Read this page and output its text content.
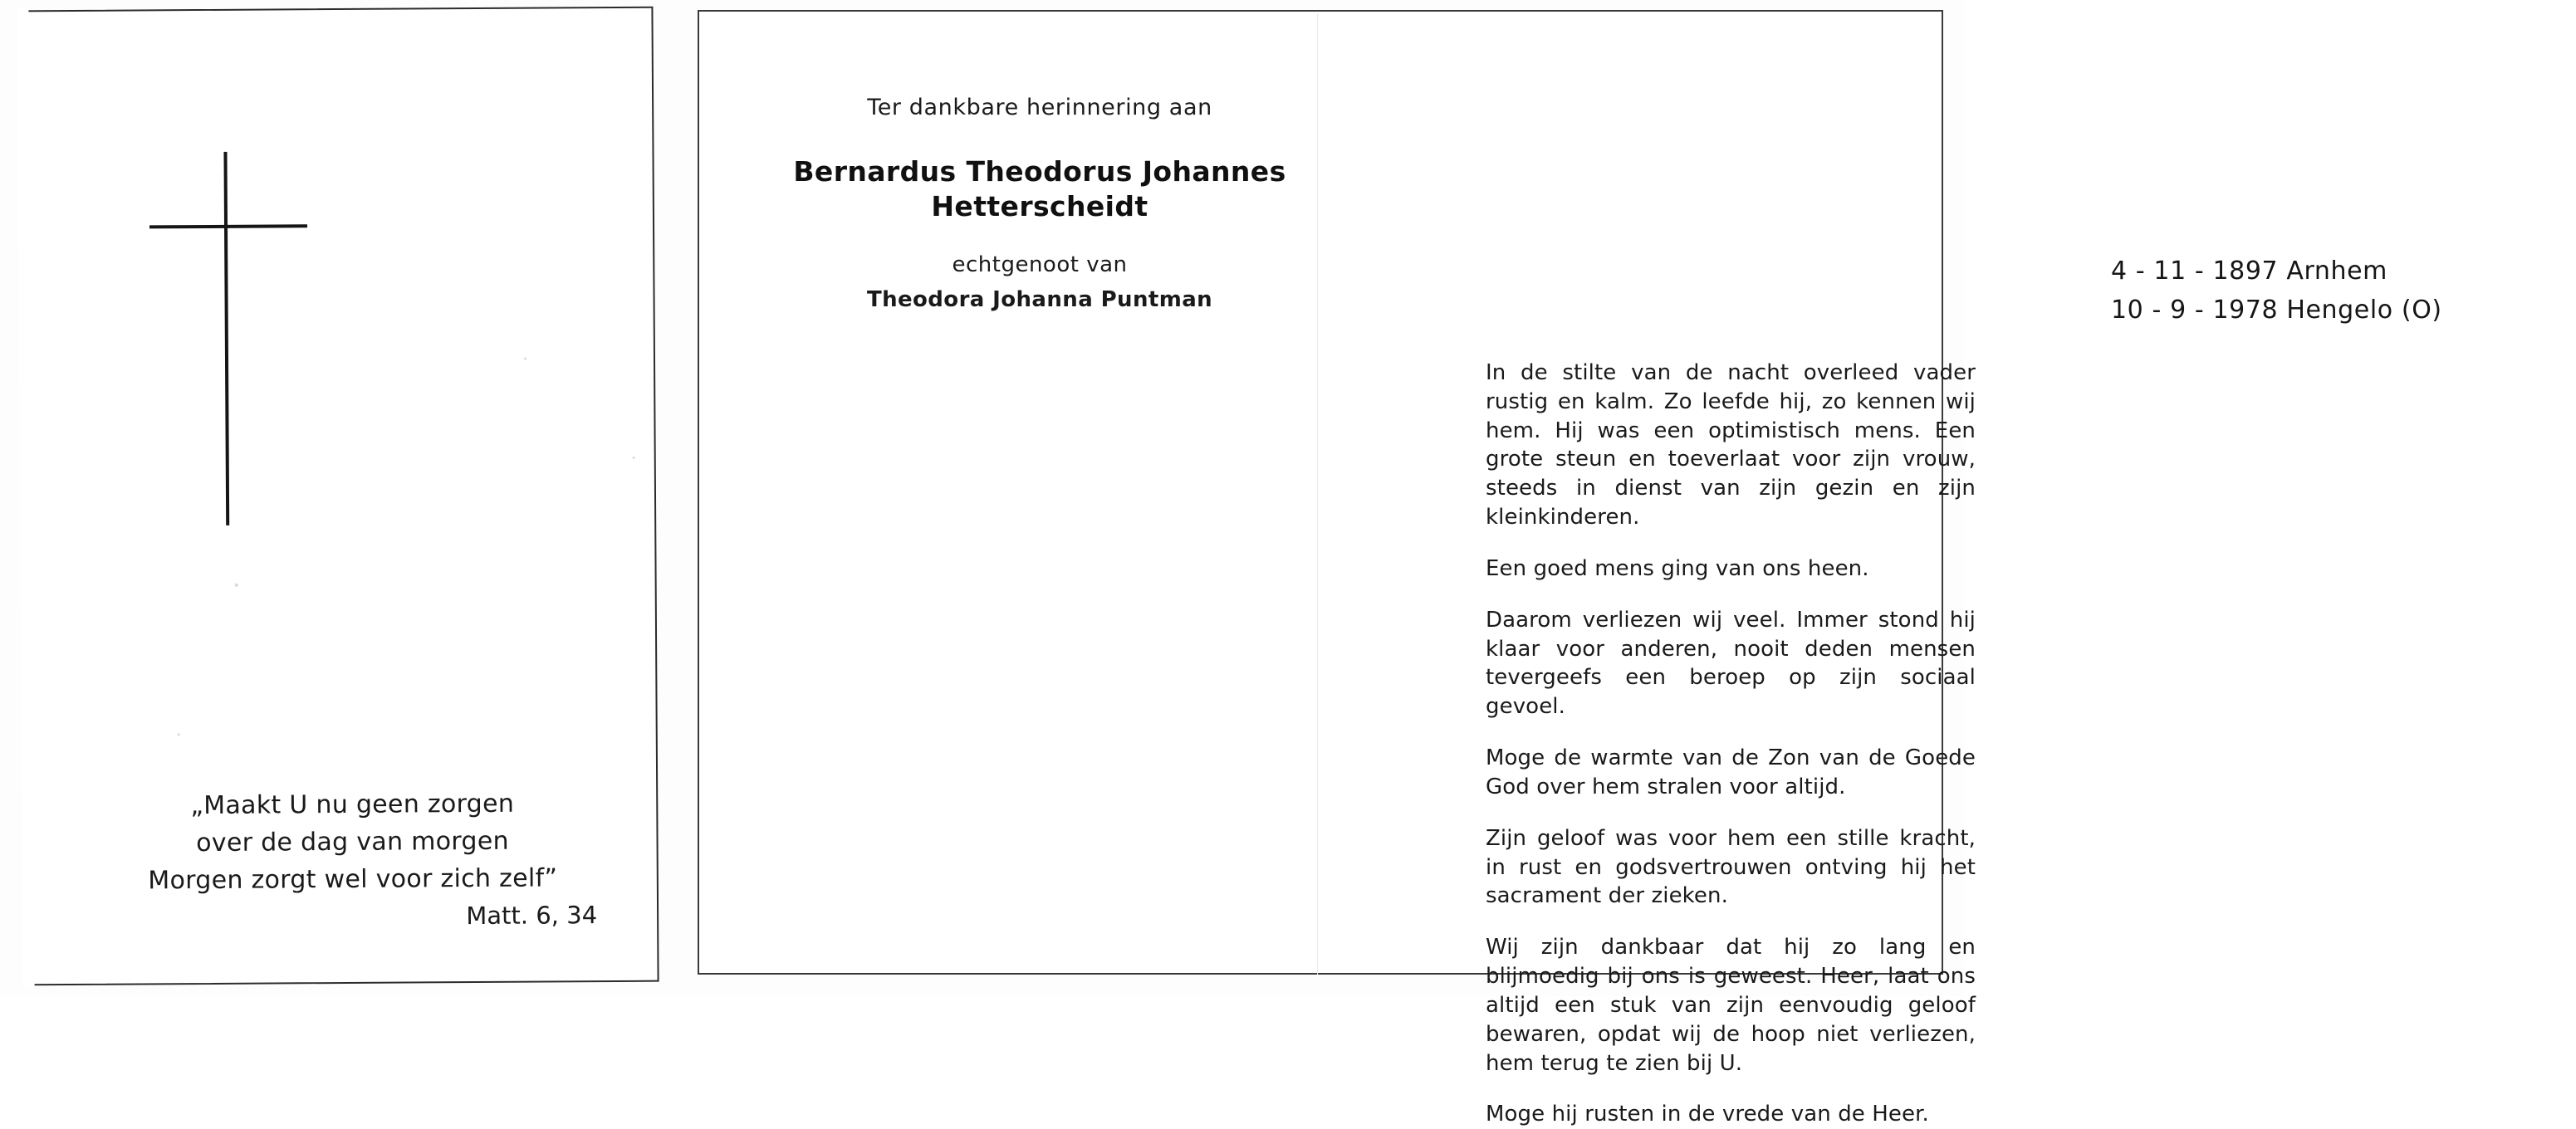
„Maakt U nu geen zorgen
over de dag van morgen
Morgen zorgt wel voor zich zelf”
Matt. 6, 34
Ter dankbare herinnering aan
Bernardus Theodorus Johannes
Hetterscheidt
echtgenoot van
Theodora Johanna Puntman

In de stilte van de nacht overleed vader rustig en kalm. Zo leefde hij, zo kennen wij hem. Hij was een optimistisch mens. Een grote steun en toeverlaat voor zijn vrouw, steeds in dienst van zijn gezin en zijn kleinkinderen.

Een goed mens ging van ons heen.

Daarom verliezen wij veel. Immer stond hij klaar voor anderen, nooit deden mensen tevergeefs een beroep op zijn sociaal gevoel.

Moge de warmte van de Zon van de Goede God over hem stralen voor altijd.

Zijn geloof was voor hem een stille kracht, in rust en godsvertrouwen ontving hij het sacrament der zieken.

Wij zijn dankbaar dat hij zo lang en blijmoedig bij ons is geweest. Heer, laat ons altijd een stuk van zijn eenvoudig geloof bewaren, opdat wij de hoop niet verliezen, hem terug te zien bij U.

Moge hij rusten in de vrede van de Heer.

4 - 11 - 1897 Arnhem
10 - 9 - 1978 Hengelo (O)
